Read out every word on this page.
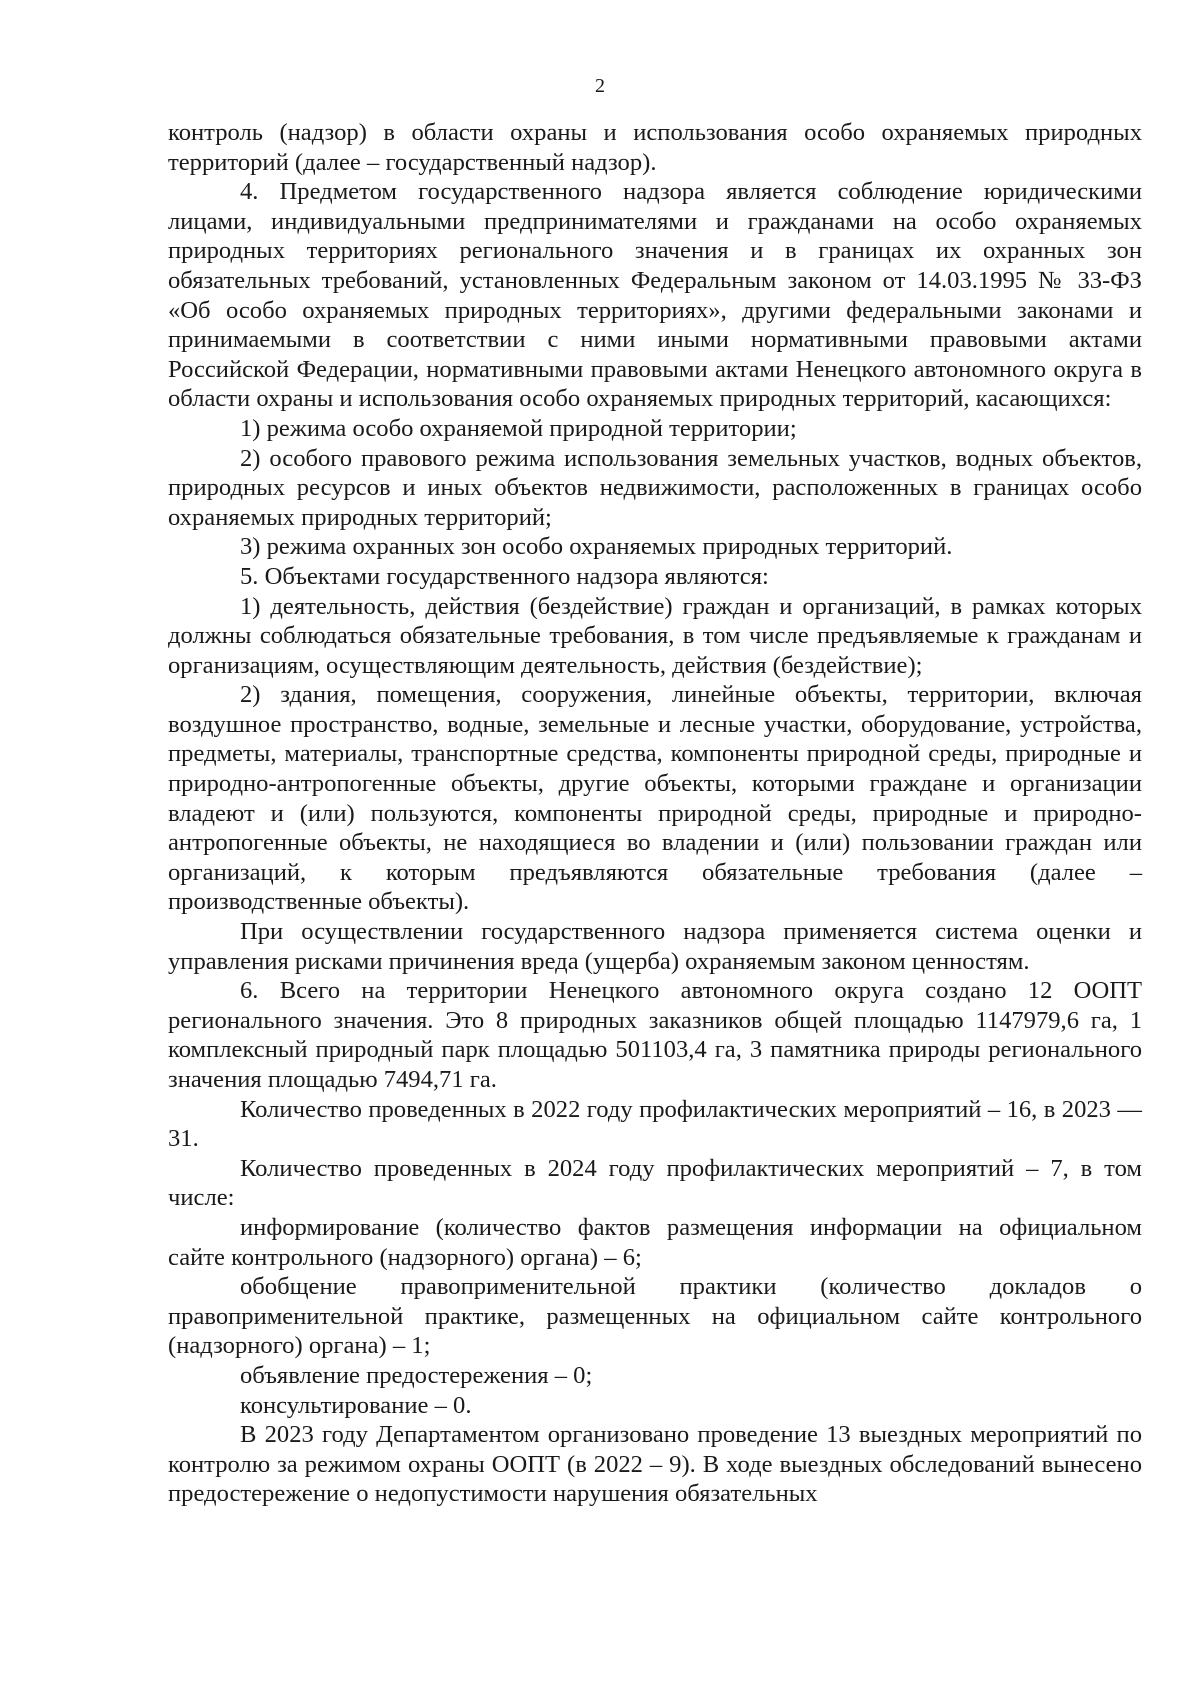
2

контроль (надзор) в области охраны и использования особо охраняемых природных территорий (далее – государственный надзор).

4. Предметом государственного надзора является соблюдение юридическими лицами, индивидуальными предпринимателями и гражданами на особо охраняемых природных территориях регионального значения и в границах их охранных зон обязательных требований, установленных Федеральным законом от 14.03.1995 № 33-ФЗ «Об особо охраняемых природных территориях», другими федеральными законами и принимаемыми в соответствии с ними иными нормативными правовыми актами Российской Федерации, нормативными правовыми актами Ненецкого автономного округа в области охраны и использования особо охраняемых природных территорий, касающихся:

1) режима особо охраняемой природной территории;

2) особого правового режима использования земельных участков, водных объектов, природных ресурсов и иных объектов недвижимости, расположенных в границах особо охраняемых природных территорий;

3) режима охранных зон особо охраняемых природных территорий.

5. Объектами государственного надзора являются:

1) деятельность, действия (бездействие) граждан и организаций, в рамках которых должны соблюдаться обязательные требования, в том числе предъявляемые к гражданам и организациям, осуществляющим деятельность, действия (бездействие);

2) здания, помещения, сооружения, линейные объекты, территории, включая воздушное пространство, водные, земельные и лесные участки, оборудование, устройства, предметы, материалы, транспортные средства, компоненты природной среды, природные и природно-антропогенные объекты, другие объекты, которыми граждане и организации владеют и (или) пользуются, компоненты природной среды, природные и природно-антропогенные объекты, не находящиеся во владении и (или) пользовании граждан или организаций, к которым предъявляются обязательные требования (далее – производственные объекты).

При осуществлении государственного надзора применяется система оценки и управления рисками причинения вреда (ущерба) охраняемым законом ценностям.

6. Всего на территории Ненецкого автономного округа создано 12 ООПТ регионального значения. Это 8 природных заказников общей площадью 1147979,6 га, 1 комплексный природный парк площадью 501103,4 га, 3 памятника природы регионального значения площадью 7494,71 га.

Количество проведенных в 2022 году профилактических мероприятий – 16, в 2023 — 31.

Количество проведенных в 2024 году профилактических мероприятий – 7, в том числе:

информирование (количество фактов размещения информации на официальном сайте контрольного (надзорного) органа) – 6;

обобщение правоприменительной практики (количество докладов о правоприменительной практике, размещенных на официальном сайте контрольного (надзорного) органа) – 1;

объявление предостережения – 0;

консультирование – 0.

В 2023 году Департаментом организовано проведение 13 выездных мероприятий по контролю за режимом охраны ООПТ (в 2022 – 9). В ходе выездных обследований вынесено предостережение о недопустимости нарушения обязательных
